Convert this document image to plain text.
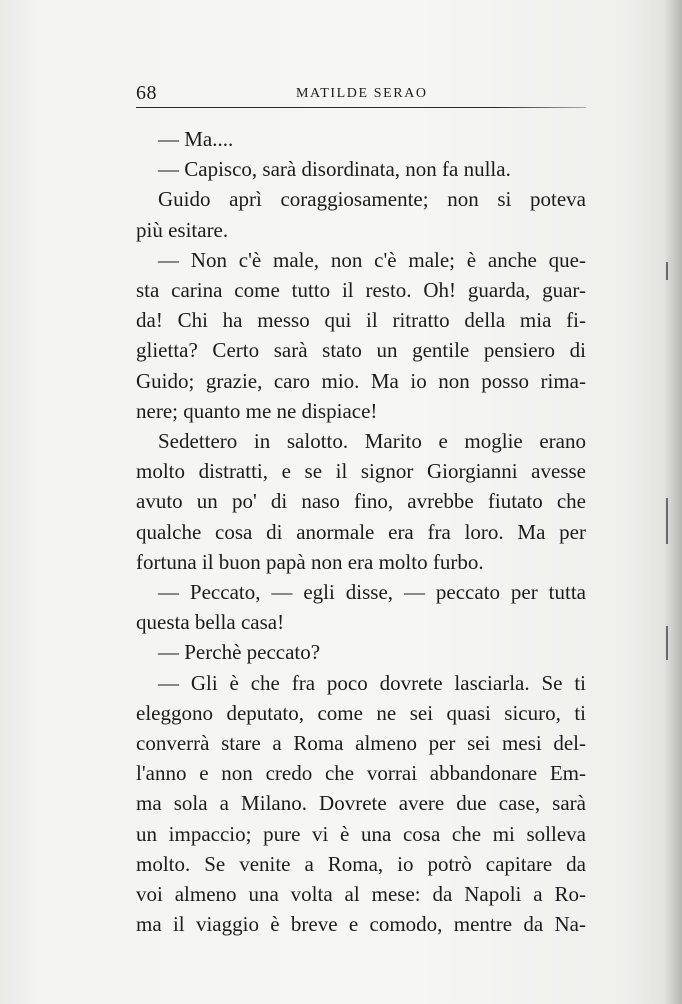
68	MATILDE SERAO
— Ma....
— Capisco, sarà disordinata, non fa nulla.
Guido aprì coraggiosamente; non si poteva
più esitare.
— Non c'è male, non c'è male; è anche que-
sta carina come tutto il resto. Oh! guarda, guar-
da! Chi ha messo qui il ritratto della mia fi-
glietta? Certo sarà stato un gentile pensiero di
Guido; grazie, caro mio. Ma io non posso rima-
nere; quanto me ne dispiace!
Sedettero in salotto. Marito e moglie erano
molto distratti, e se il signor Giorgianni avesse
avuto un po' di naso fino, avrebbe fiutato che
qualche cosa di anormale era fra loro. Ma per
fortuna il buon papà non era molto furbo.
— Peccato, — egli disse, — peccato per tutta
questa bella casa!
— Perchè peccato?
— Gli è che fra poco dovrete lasciarla. Se ti
eleggono deputato, come ne sei quasi sicuro, ti
converrà stare a Roma almeno per sei mesi del-
l'anno e non credo che vorrai abbandonare Em-
ma sola a Milano. Dovrete avere due case, sarà
un impaccio; pure vi è una cosa che mi solleva
molto. Se venite a Roma, io potrò capitare da
voi almeno una volta al mese: da Napoli a Ro-
ma il viaggio è breve e comodo, mentre da Na-
